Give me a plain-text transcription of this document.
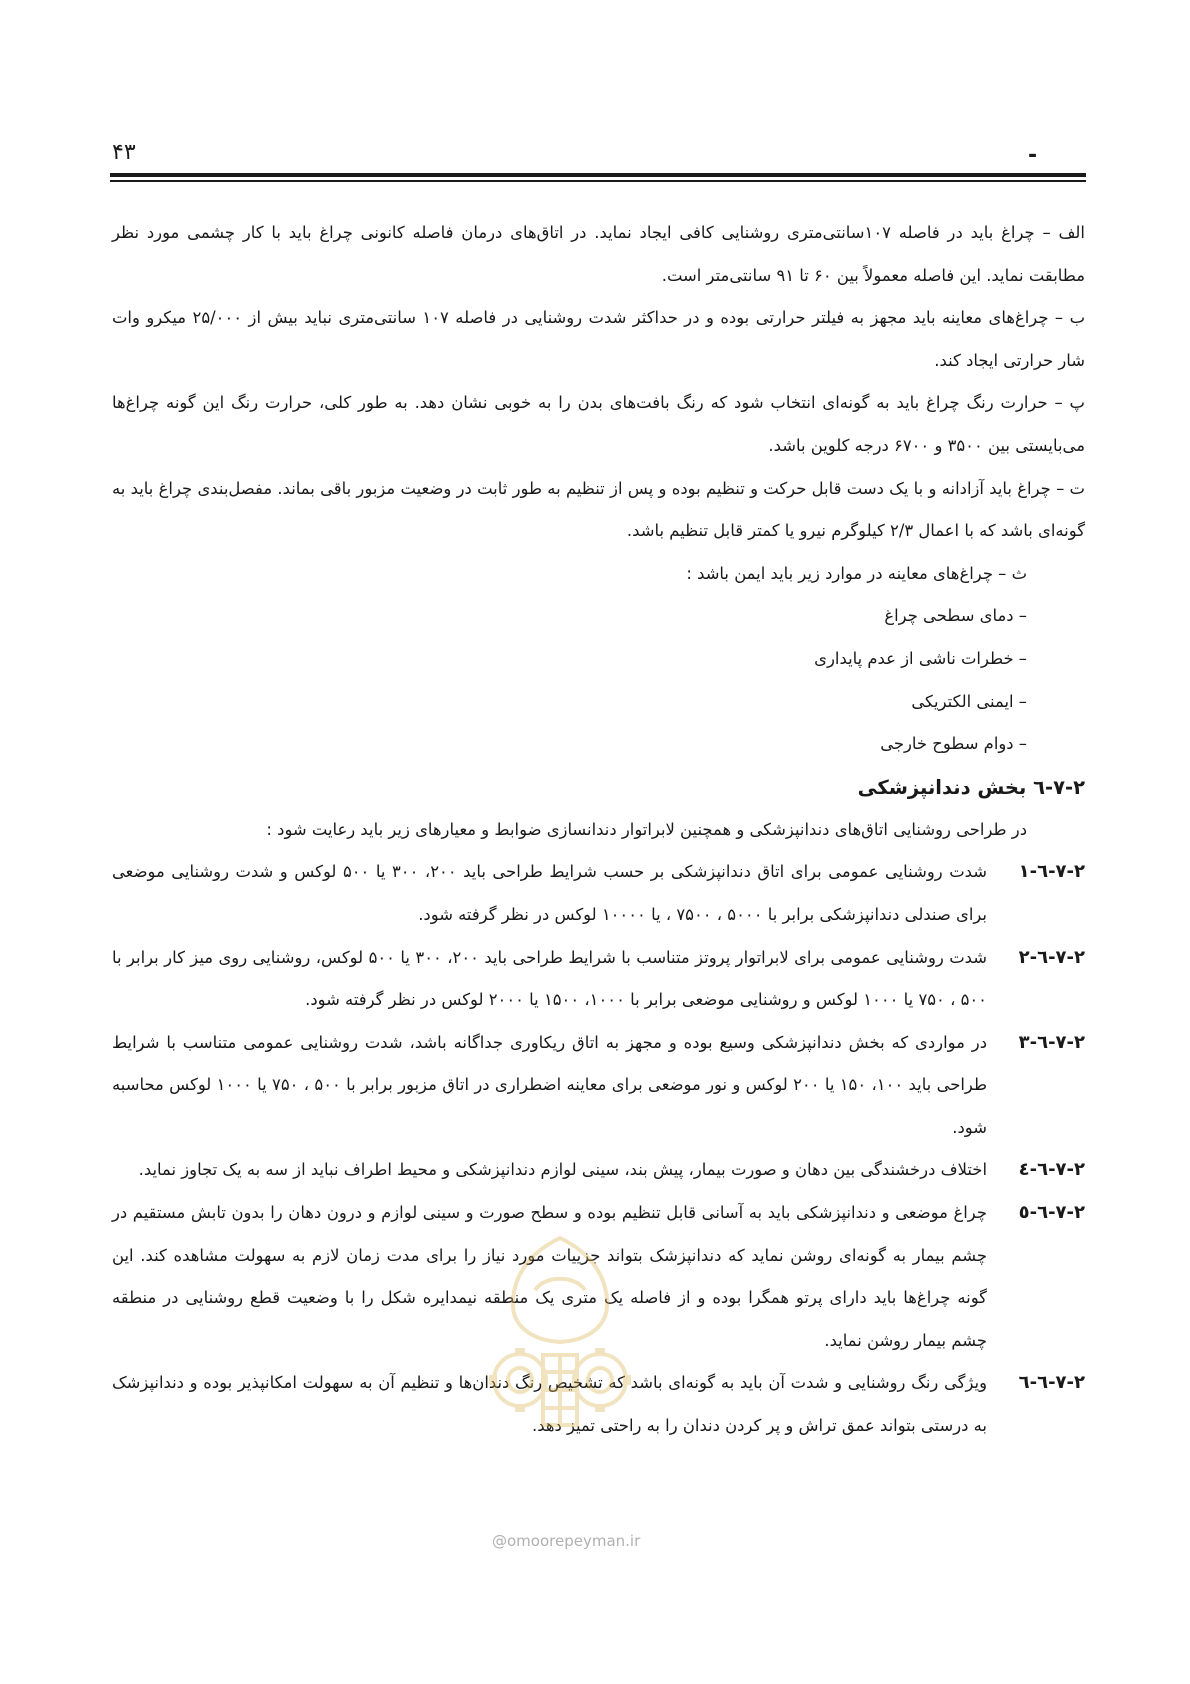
۴۳	-

الف – چراغ باید در فاصله ۱۰۷سانتی‌متری روشنایی کافی ایجاد نماید. در اتاق‌های درمان فاصله کانونی چراغ باید با کار چشمی مورد نظر مطابقت نماید. این فاصله معمولاً بین ۶۰ تا ۹۱ سانتی‌متر است.

ب – چراغ‌های معاینه باید مجهز به فیلتر حرارتی بوده و در حداکثر شدت روشنایی در فاصله ۱۰۷ سانتی‌متری نباید بیش از ۲۵/۰۰۰ میکرو وات شار حرارتی ایجاد کند.

پ – حرارت رنگ چراغ باید به گونه‌ای انتخاب شود که رنگ بافت‌های بدن را به خوبی نشان دهد. به طور کلی، حرارت رنگ این گونه چراغ‌ها می‌بایستی بین ۳۵۰۰ و ۶۷۰۰ درجه کلوین باشد.

ت – چراغ باید آزادانه و با یک دست قابل حرکت و تنظیم بوده و پس از تنظیم به طور ثابت در وضعیت مزبور باقی بماند. مفصل‌بندی چراغ باید به گونه‌ای باشد که با اعمال ۲/۳ کیلوگرم نیرو یا کمتر قابل تنظیم باشد.

ث – چراغ‌های معاینه در موارد زیر باید ایمن باشد :

– دمای سطحی چراغ
– خطرات ناشی از عدم پایداری
– ایمنی الکتریکی
– دوام سطوح خارجی
۷-۲-٦ بخش دندانپزشکی

در طراحی روشنایی اتاق‌های دندانپزشکی و همچنین لابراتوار دندانسازی ضوابط و معیارهای زیر باید رعایت شود :

۷-۲-٦-۱
شدت روشنایی عمومی برای اتاق دندانپزشکی بر حسب شرایط طراحی باید ۲۰۰، ۳۰۰ یا ۵۰۰ لوکس و شدت روشنایی موضعی برای صندلی دندانپزشکی برابر با ۵۰۰۰ ، ۷۵۰۰ ، یا ۱۰۰۰۰ لوکس در نظر گرفته شود.
۷-۲-٦-۲
شدت روشنایی عمومی برای لابراتوار پروتز متناسب با شرایط طراحی باید ۲۰۰، ۳۰۰ یا ۵۰۰ لوکس، روشنایی روی میز کار برابر با ۵۰۰ ، ۷۵۰ یا ۱۰۰۰ لوکس و روشنایی موضعی برابر با ۱۰۰۰، ۱۵۰۰ یا ۲۰۰۰ لوکس در نظر گرفته شود.
۷-۲-٦-۳
در مواردی که بخش دندانپزشکی وسیع بوده و مجهز به اتاق ریکاوری جداگانه باشد، شدت روشنایی عمومی متناسب با شرایط طراحی باید ۱۰۰، ۱۵۰ یا ۲۰۰ لوکس و نور موضعی برای معاینه اضطراری در اتاق مزبور برابر با ۵۰۰ ، ۷۵۰ یا ۱۰۰۰ لوکس محاسبه شود.
۷-۲-٦-٤
اختلاف درخشندگی بین دهان و صورت بیمار، پیش بند، سینی لوازم دندانپزشکی و محیط اطراف نباید از سه به یک تجاوز نماید.
۷-۲-٦-٥
چراغ موضعی و دندانپزشکی باید به آسانی قابل تنظیم بوده و سطح صورت و سینی لوازم و درون دهان را بدون تابش مستقیم در چشم بیمار به گونه‌ای روشن نماید که دندانپزشک بتواند جزییات مورد نیاز را برای مدت زمان لازم به سهولت مشاهده کند. این گونه چراغ‌ها باید دارای پرتو همگرا بوده و از فاصله یک متری یک منطقه نیمدایره شکل را با وضعیت قطع روشنایی در منطقه چشم بیمار روشن نماید.
۷-۲-٦-٦
ویژگی رنگ روشنایی و شدت آن باید به گونه‌ای باشد که تشخیص رنگ دندان‌ها و تنظیم آن به سهولت امکانپذیر بوده و دندانپزشک به درستی بتواند عمق تراش و پر کردن دندان را به راحتی تمیز دهد.
@omoorepeyman.ir
